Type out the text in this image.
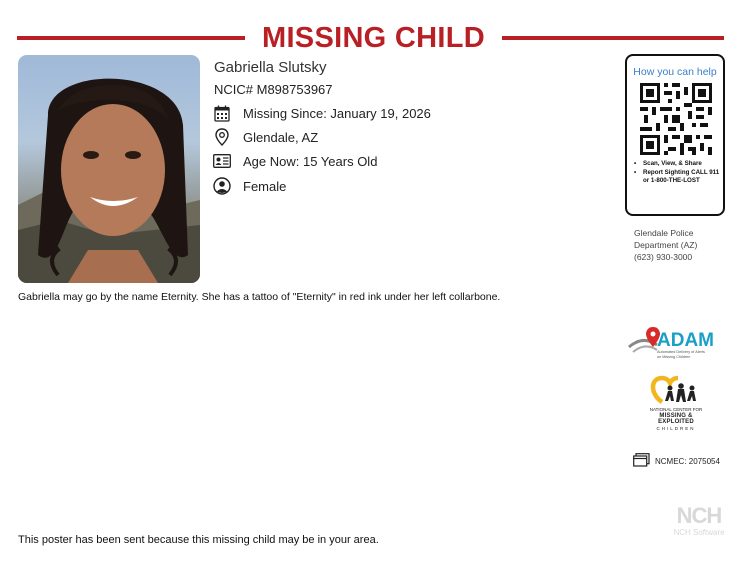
MISSING CHILD
Gabriella Slutsky
NCIC# M898753967
Missing Since: January 19, 2026
Glendale, AZ
Age Now: 15 Years Old
Female
Gabriella may go by the name Eternity. She has a tattoo of "Eternity" in red ink under her left collarbone.
How you can help
• Scan, View, & Share
• Report Sighting CALL 911 or 1-800-THE-LOST
Glendale Police
Department (AZ)
(623) 930-3000
ADAM
Automated Delivery of Alerts
on Missing Children
NATIONAL CENTER FOR
MISSING &
EXPLOITED
CHILDREN
NCMEC: 2075054
NCH
NCH Software
This poster has been sent because this missing child may be in your area.
